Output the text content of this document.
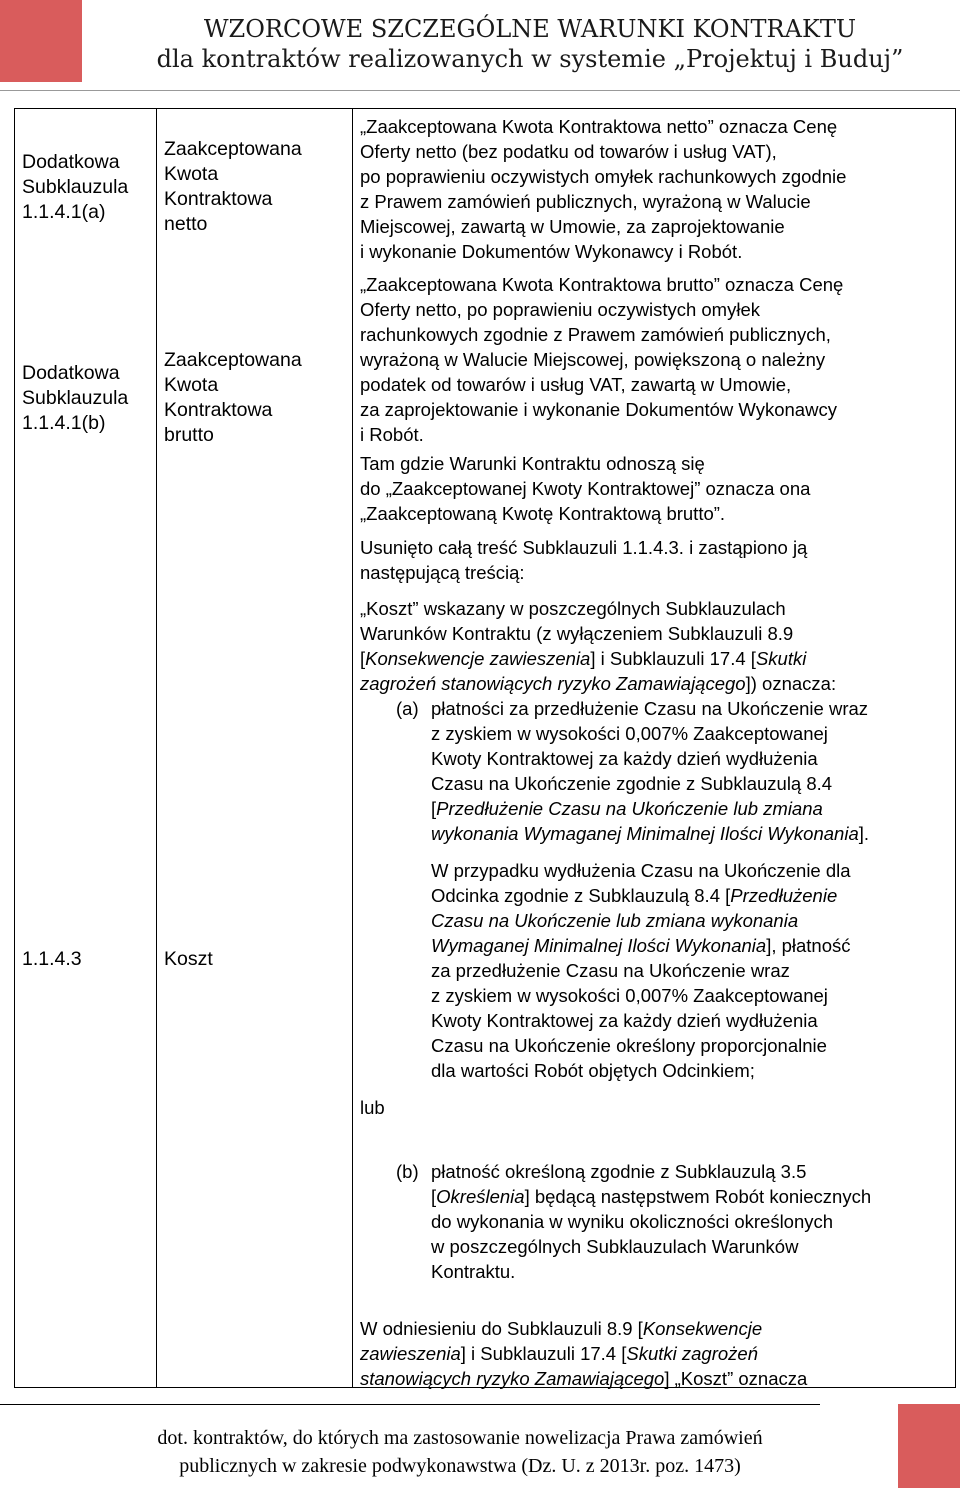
WZORCOWE SZCZEGÓLNE WARUNKI KONTRAKTU
dla kontraktów realizowanych w systemie „Projektuj i Buduj”
Dodatkowa
Subklauzula
1.1.4.1(a)
Dodatkowa
Subklauzula
1.1.4.1(b)
1.1.4.3
Zaakceptowana
Kwota
Kontraktowa
netto
Zaakceptowana
Kwota
Kontraktowa
brutto
Koszt
„Zaakceptowana Kwota Kontraktowa netto” oznacza Cenę
Oferty netto (bez podatku od towarów i usług VAT),
po poprawieniu oczywistych omyłek rachunkowych zgodnie
z Prawem zamówień publicznych, wyrażoną w Walucie
Miejscowej, zawartą w Umowie, za zaprojektowanie
i wykonanie Dokumentów Wykonawcy i Robót.
„Zaakceptowana Kwota Kontraktowa brutto” oznacza Cenę
Oferty netto, po poprawieniu oczywistych omyłek
rachunkowych zgodnie z Prawem zamówień publicznych,
wyrażoną w Walucie Miejscowej, powiększoną o należny
podatek od towarów i usług VAT, zawartą w Umowie,
za zaprojektowanie i wykonanie Dokumentów Wykonawcy
i Robót.
Tam gdzie Warunki Kontraktu odnoszą się
do „Zaakceptowanej Kwoty Kontraktowej” oznacza ona
„Zaakceptowaną Kwotę Kontraktową brutto”.
Usunięto całą treść Subklauzuli 1.1.4.3. i zastąpiono ją
następującą treścią:
„Koszt” wskazany w poszczególnych Subklauzulach
Warunków Kontraktu (z wyłączeniem Subklauzuli 8.9
[Konsekwencje zawieszenia] i Subklauzuli 17.4 [Skutki
zagrożeń stanowiących ryzyko Zamawiającego]) oznacza:
(a) płatności za przedłużenie Czasu na Ukończenie wraz
z zyskiem w wysokości 0,007% Zaakceptowanej
Kwoty Kontraktowej za każdy dzień wydłużenia
Czasu na Ukończenie zgodnie z Subklauzulą 8.4
[Przedłużenie Czasu na Ukończenie lub zmiana
wykonania Wymaganej Minimalnej Ilości Wykonania].
W przypadku wydłużenia Czasu na Ukończenie dla
Odcinka zgodnie z Subklauzulą 8.4 [Przedłużenie
Czasu na Ukończenie lub zmiana wykonania
Wymaganej Minimalnej Ilości Wykonania], płatność
za przedłużenie Czasu na Ukończenie wraz
z zyskiem w wysokości 0,007% Zaakceptowanej
Kwoty Kontraktowej za każdy dzień wydłużenia
Czasu na Ukończenie określony proporcjonalnie
dla wartości Robót objętych Odcinkiem;
lub
(b) płatność określoną zgodnie z Subklauzulą 3.5
[Określenia] będącą następstwem Robót koniecznych
do wykonania w wyniku okoliczności określonych
w poszczególnych Subklauzulach Warunków
Kontraktu.
W odniesieniu do Subklauzuli 8.9 [Konsekwencje
zawieszenia] i Subklauzuli 17.4 [Skutki zagrożeń
stanowiących ryzyko Zamawiającego] „Koszt” oznacza
dot. kontraktów, do których ma zastosowanie nowelizacja Prawa zamówień
publicznych w zakresie podwykonawstwa (Dz. U. z 2013r. poz. 1473)
